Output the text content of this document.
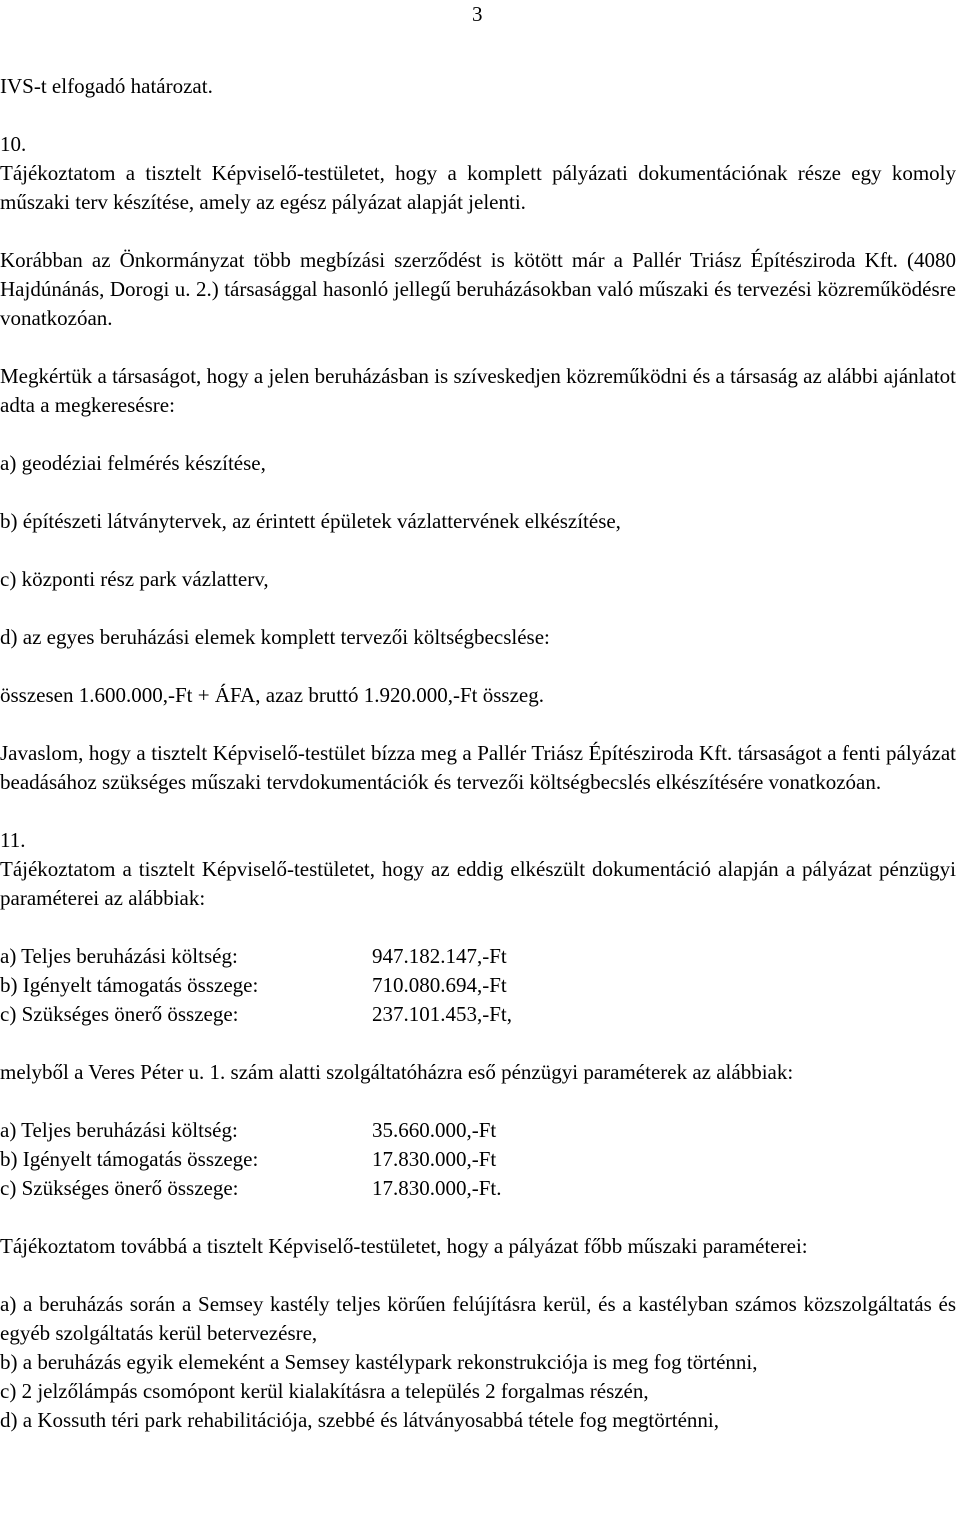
3

IVS-t elfogadó határozat.

10.

Tájékoztatom a tisztelt Képviselő-testületet, hogy a komplett pályázati dokumentációnak része egy komoly műszaki terv készítése, amely az egész pályázat alapját jelenti.

Korábban az Önkormányzat több megbízási szerződést is kötött már a Pallér Triász Építésziroda Kft. (4080 Hajdúnánás, Dorogi u. 2.) társasággal hasonló jellegű beruházásokban való műszaki és tervezési közreműködésre vonatkozóan.

Megkértük a társaságot, hogy a jelen beruházásban is szíveskedjen közreműködni és a társaság az alábbi ajánlatot adta a megkeresésre:

a) geodéziai felmérés készítése,

b) építészeti látványtervek, az érintett épületek vázlattervének elkészítése,

c) központi rész park vázlatterv,

d) az egyes beruházási elemek komplett tervezői költségbecslése:

összesen 1.600.000,-Ft + ÁFA, azaz bruttó 1.920.000,-Ft összeg.

Javaslom, hogy a tisztelt Képviselő-testület bízza meg a Pallér Triász Építésziroda Kft. társaságot a fenti pályázat beadásához szükséges műszaki tervdokumentációk és tervezői költségbecslés elkészítésére vonatkozóan.

11.

Tájékoztatom a tisztelt Képviselő-testületet, hogy az eddig elkészült dokumentáció alapján a pályázat pénzügyi paraméterei az alábbiak:

a) Teljes beruházási költség:	947.182.147,-Ft
b) Igényelt támogatás összege:	710.080.694,-Ft
c) Szükséges önerő összege:	237.101.453,-Ft,

melyből a Veres Péter u. 1. szám alatti szolgáltatóházra eső pénzügyi paraméterek az alábbiak:

a) Teljes beruházási költség:	35.660.000,-Ft
b) Igényelt támogatás összege:	17.830.000,-Ft
c) Szükséges önerő összege:	17.830.000,-Ft.

Tájékoztatom továbbá a tisztelt Képviselő-testületet, hogy a pályázat főbb műszaki paraméterei:

a) a beruházás során a Semsey kastély teljes körűen felújításra kerül, és a kastélyban számos közszolgáltatás és egyéb szolgáltatás kerül betervezésre,

b) a beruházás egyik elemeként a Semsey kastélypark rekonstrukciója is meg fog történni,

c) 2 jelzőlámpás csomópont kerül kialakításra a település 2 forgalmas részén,

d) a Kossuth téri park rehabilitációja, szebbé és látványosabbá tétele fog megtörténni,
